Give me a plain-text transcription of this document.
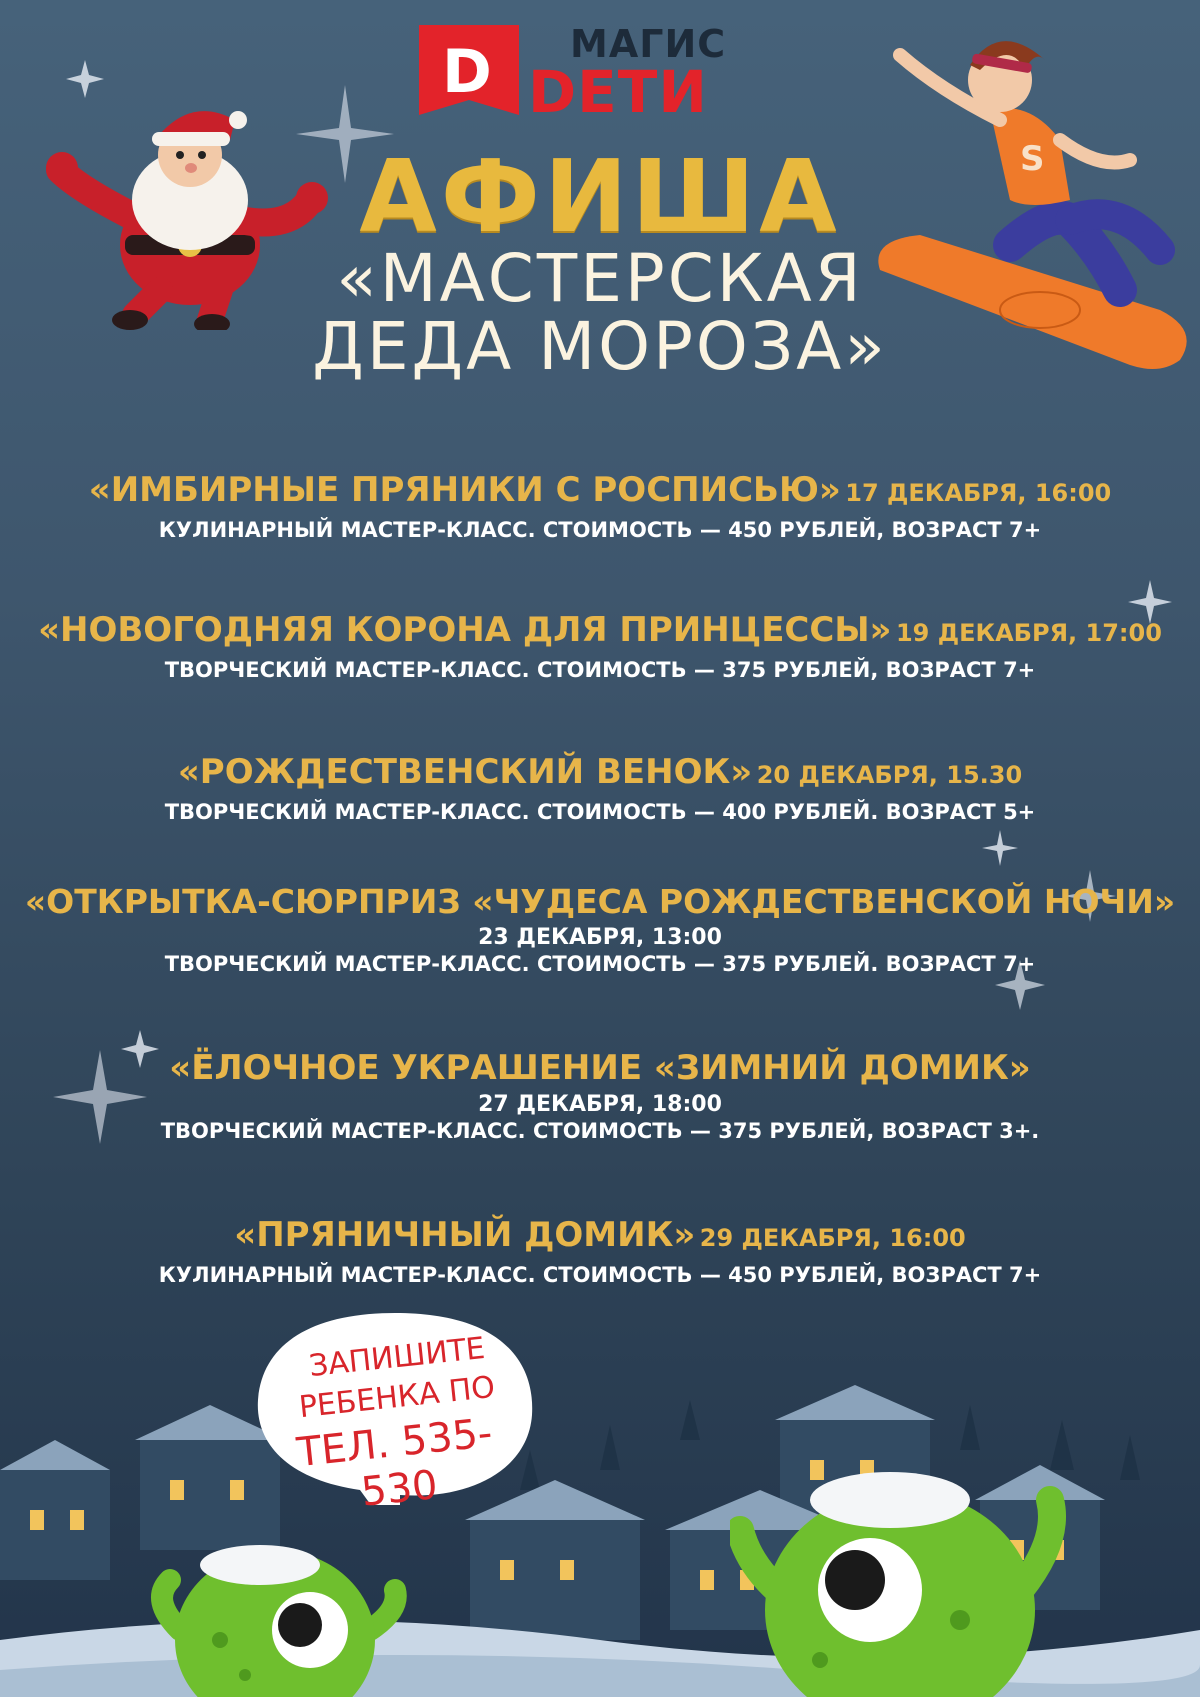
S
D МАГИС
DETИ
АФИША
«МАСТЕРСКАЯ
ДЕДА МОРОЗА»
«ИМБИРНЫЕ ПРЯНИКИ С РОСПИСЬЮ» 17 ДЕКАБРЯ, 16:00
КУЛИНАРНЫЙ МАСТЕР-КЛАСС. СТОИМОСТЬ — 450 РУБЛЕЙ, ВОЗРАСТ 7+
«НОВОГОДНЯЯ КОРОНА ДЛЯ ПРИНЦЕССЫ» 19 ДЕКАБРЯ, 17:00
ТВОРЧЕСКИЙ МАСТЕР-КЛАСС. СТОИМОСТЬ — 375 РУБЛЕЙ, ВОЗРАСТ 7+
«РОЖДЕСТВЕНСКИЙ ВЕНОК» 20 ДЕКАБРЯ, 15.30
ТВОРЧЕСКИЙ МАСТЕР-КЛАСС. СТОИМОСТЬ — 400 РУБЛЕЙ. ВОЗРАСТ 5+
«ОТКРЫТКА-СЮРПРИЗ «ЧУДЕСА РОЖДЕСТВЕНСКОЙ НОЧИ»
23 ДЕКАБРЯ, 13:00
ТВОРЧЕСКИЙ МАСТЕР-КЛАСС. СТОИМОСТЬ — 375 РУБЛЕЙ. ВОЗРАСТ 7+
«ЁЛОЧНОЕ УКРАШЕНИЕ «ЗИМНИЙ ДОМИК»
27 ДЕКАБРЯ, 18:00
ТВОРЧЕСКИЙ МАСТЕР-КЛАСС. СТОИМОСТЬ — 375 РУБЛЕЙ, ВОЗРАСТ 3+.
«ПРЯНИЧНЫЙ ДОМИК» 29 ДЕКАБРЯ, 16:00
КУЛИНАРНЫЙ МАСТЕР-КЛАСС. СТОИМОСТЬ — 450 РУБЛЕЙ, ВОЗРАСТ 7+
ЗАПИШИТЕ
РЕБЕНКА ПО
ТЕЛ. 535-530
